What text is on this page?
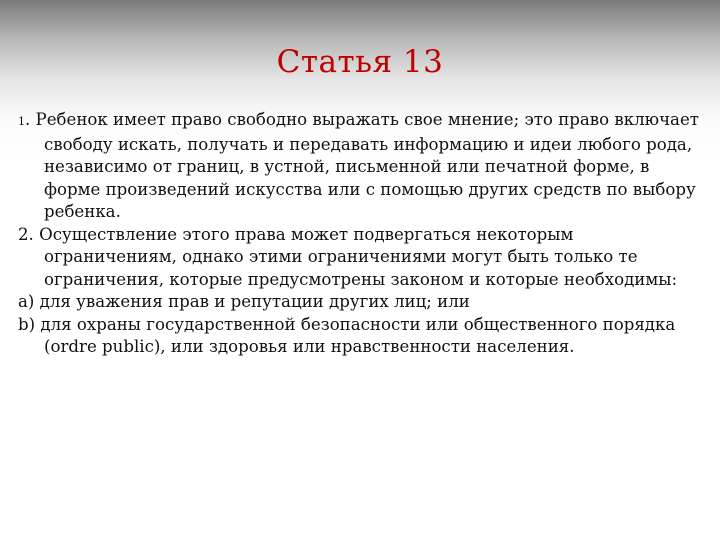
Статья 13

1. Ребенок имеет право свободно выражать свое мнение; это право включает свободу искать, получать и передавать информацию и идеи любого рода, независимо от границ, в устной, письменной или печатной форме, в форме произведений искусства или с помощью других средств по выбору ребенка.

2. Осуществление этого права может подвергаться некоторым ограничениям, однако этими ограничениями могут быть только те ограничения, которые предусмотрены законом и которые необходимы:

a) для уважения прав и репутации других лиц; или

b) для охраны государственной безопасности или общественного порядка (ordre public), или здоровья или нравственности населения.
